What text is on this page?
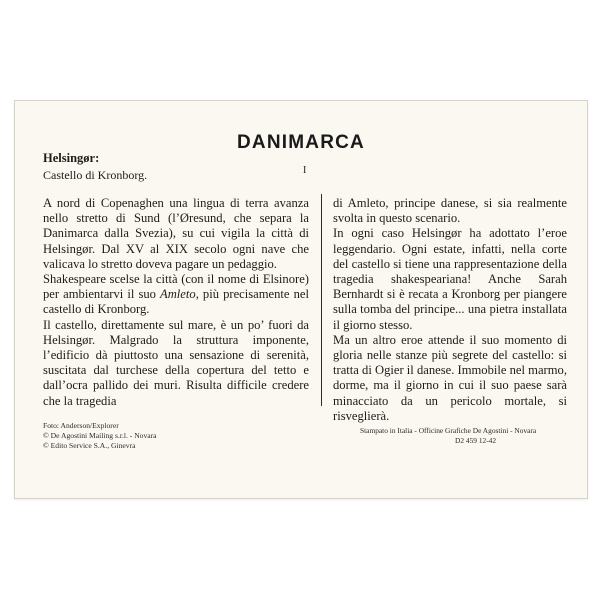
DANIMARCA
Helsingør:
Castello di Kronborg.	I

A nord di Copenaghen una lingua di terra avanza nello stretto di Sund (l’Øresund, che separa la Danimarca dalla Svezia), su cui vigila la città di Helsingør. Dal XV al XIX secolo ogni nave che valicava lo stretto doveva pagare un pedaggio.

Shakespeare scelse la città (con il nome di Elsinore) per ambientarvi il suo Amleto, più precisamente nel castello di Kronborg.

Il castello, direttamente sul mare, è un po’ fuori da Helsingør. Malgrado la struttura imponente, l’edificio dà piuttosto una sensazione di serenità, suscitata dal turchese della copertura del tetto e dall’ocra pallido dei muri. Risulta difficile credere che la tragedia

di Amleto, principe danese, si sia realmente svolta in questo scenario.

In ogni caso Helsingør ha adottato l’eroe leggendario. Ogni estate, infatti, nella corte del castello si tiene una rappresentazione della tragedia shakespeariana! Anche Sarah Bernhardt si è recata a Kronborg per piangere sulla tomba del principe... una pietra installata il giorno stesso.

Ma un altro eroe attende il suo momento di gloria nelle stanze più segrete del castello: si tratta di Ogier il danese. Immobile nel marmo, dorme, ma il giorno in cui il suo paese sarà minacciato da un pericolo mortale, si risveglierà.

Foto: Anderson/Explorer
© De Agostini Mailing s.r.l. - Novara
© Edito Service S.A., Ginevra
Stampato in Italia - Officine Grafiche De Agostini - Novara
D2 459 12-42
